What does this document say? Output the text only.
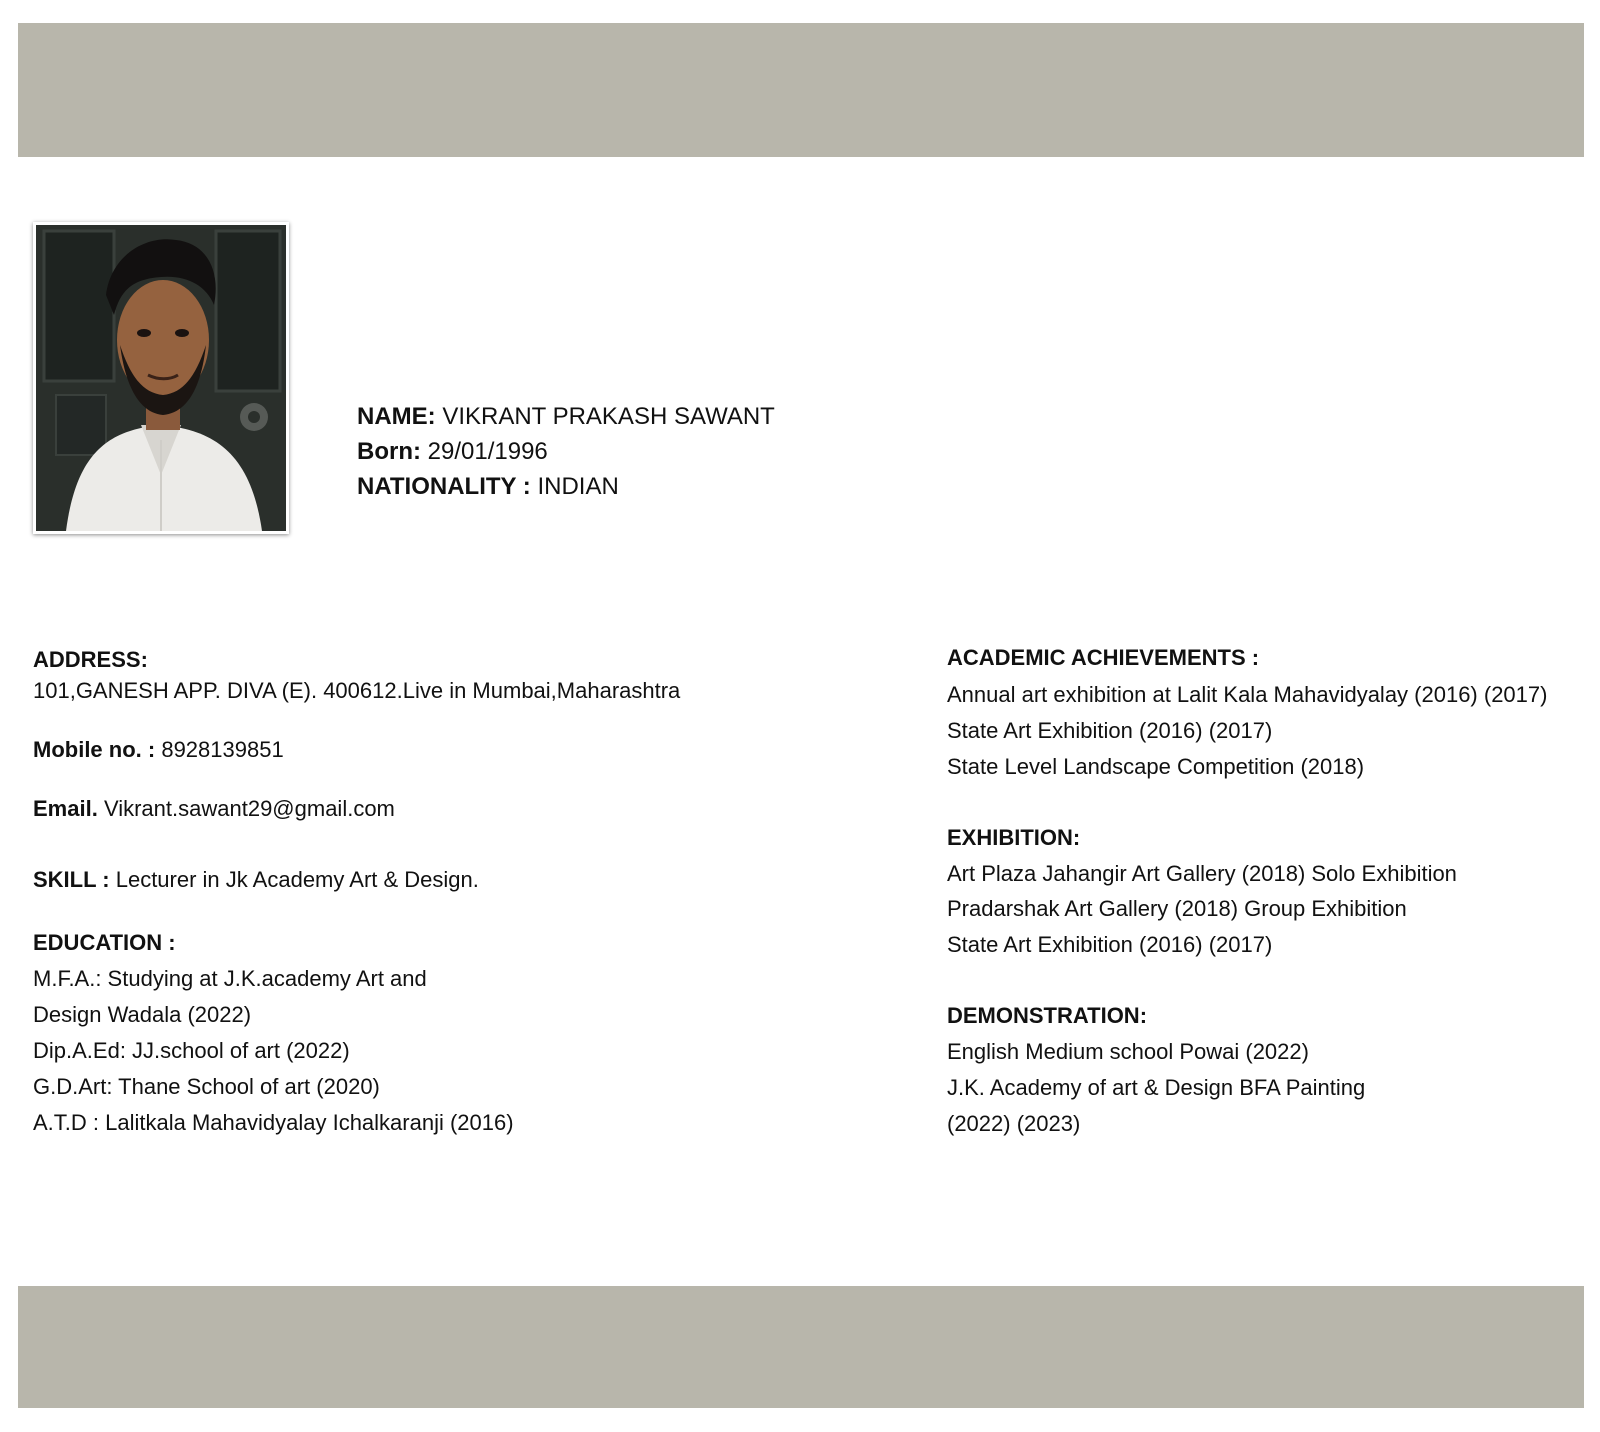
NAME: VIKRANT PRAKASH SAWANT
Born: 29/01/1996
NATIONALITY : INDIAN
ADDRESS:
101,GANESH APP. DIVA (E). 400612.Live in Mumbai,Maharashtra
Mobile no. : 8928139851
Email. Vikrant.sawant29@gmail.com
SKILL : Lecturer in Jk Academy Art & Design.
EDUCATION :
M.F.A.: Studying at J.K.academy Art and
Design Wadala (2022)
Dip.A.Ed: JJ.school of art (2022)
G.D.Art: Thane School of art (2020)
A.T.D : Lalitkala Mahavidyalay Ichalkaranji (2016)
ACADEMIC ACHIEVEMENTS :
Annual art exhibition at Lalit Kala Mahavidyalay (2016) (2017)
State Art Exhibition (2016) (2017)
State Level Landscape Competition (2018)
EXHIBITION:
Art Plaza Jahangir Art Gallery (2018) Solo Exhibition
Pradarshak Art Gallery (2018) Group Exhibition
State Art Exhibition (2016) (2017)
DEMONSTRATION:
English Medium school Powai (2022)
J.K. Academy of art & Design BFA Painting
(2022) (2023)
